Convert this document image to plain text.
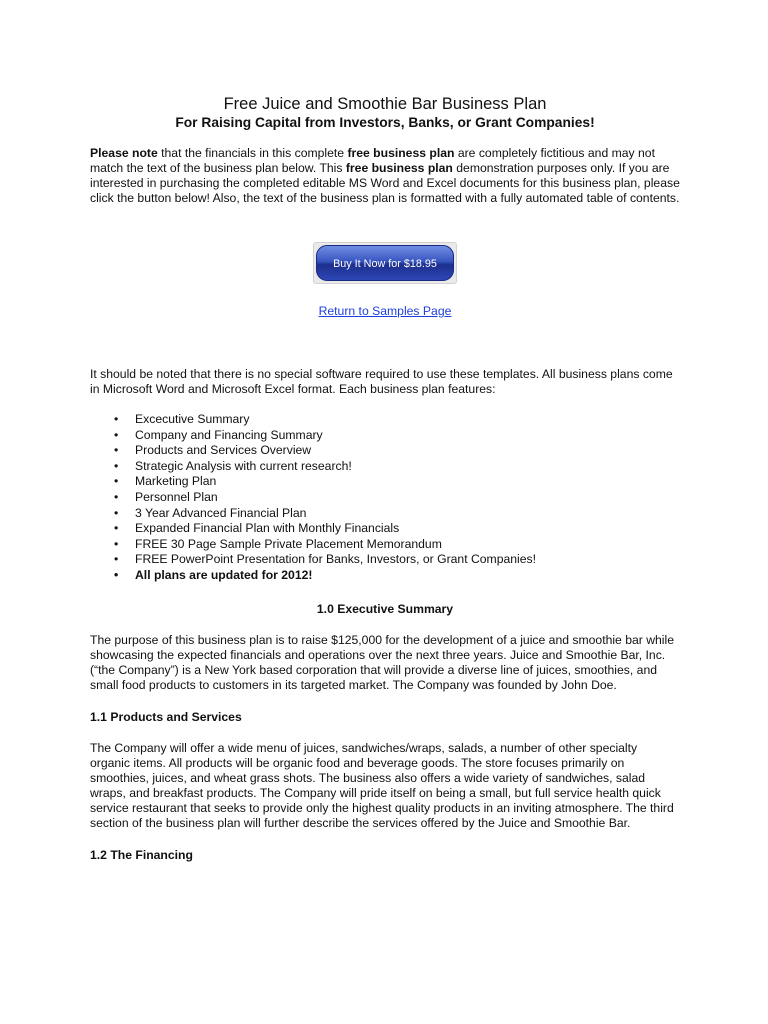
Free Juice and Smoothie Bar Business Plan
For Raising Capital from Investors, Banks, or Grant Companies!

Please note that the financials in this complete free business plan are completely fictitious and may not match the text of the business plan below. This free business plan demonstration purposes only. If you are interested in purchasing the completed editable MS Word and Excel documents for this business plan, please click the button below! Also, the text of the business plan is formatted with a fully automated table of contents.

Buy It Now for $18.95
Return to Samples Page

It should be noted that there is no special software required to use these templates. All business plans come in Microsoft Word and Microsoft Excel format. Each business plan features:

• Excecutive Summary
• Company and Financing Summary
• Products and Services Overview
• Strategic Analysis with current research!
• Marketing Plan
• Personnel Plan
• 3 Year Advanced Financial Plan
• Expanded Financial Plan with Monthly Financials
• FREE 30 Page Sample Private Placement Memorandum
• FREE PowerPoint Presentation for Banks, Investors, or Grant Companies!
• All plans are updated for 2012!
1.0 Executive Summary

The purpose of this business plan is to raise $125,000 for the development of a juice and smoothie bar while showcasing the expected financials and operations over the next three years. Juice and Smoothie Bar, Inc. (“the Company”) is a New York based corporation that will provide a diverse line of juices, smoothies, and small food products to customers in its targeted market. The Company was founded by John Doe.

1.1 Products and Services

The Company will offer a wide menu of juices, sandwiches/wraps, salads, a number of other specialty organic items. All products will be organic food and beverage goods. The store focuses primarily on smoothies, juices, and wheat grass shots. The business also offers a wide variety of sandwiches, salad wraps, and breakfast products. The Company will pride itself on being a small, but full service health quick service restaurant that seeks to provide only the highest quality products in an inviting atmosphere. The third section of the business plan will further describe the services offered by the Juice and Smoothie Bar.

1.2 The Financing
